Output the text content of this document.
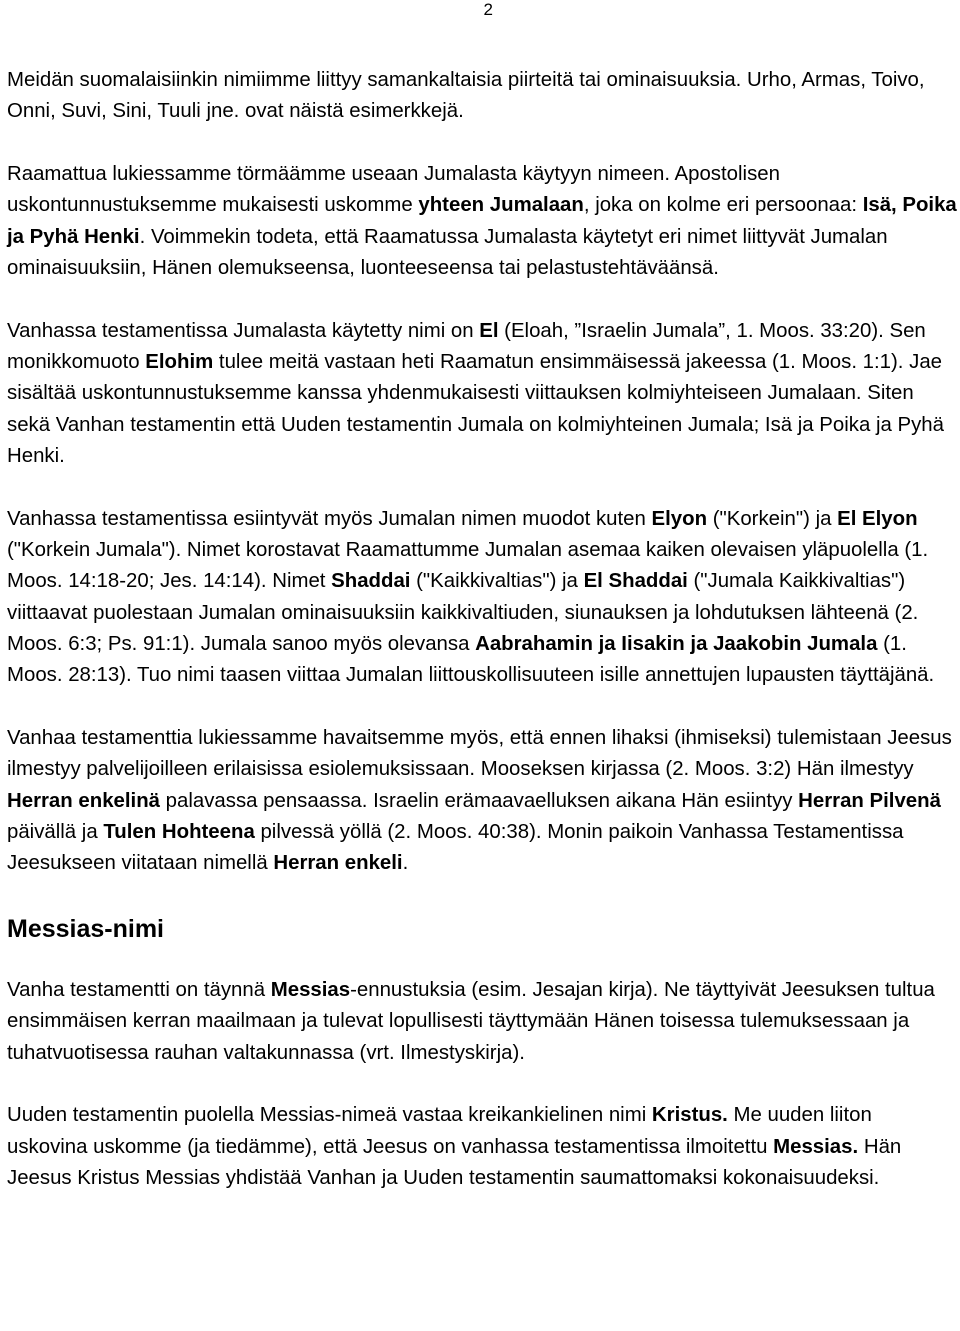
2

Meidän suomalaisiinkin nimiimme liittyy samankaltaisia piirteitä tai ominaisuuksia. Urho, Armas, Toivo, Onni, Suvi, Sini, Tuuli jne. ovat näistä esimerkkejä.

Raamattua lukiessamme törmäämme useaan Jumalasta käytyyn nimeen. Apostolisen uskontunnustuksemme mukaisesti uskomme yhteen Jumalaan, joka on kolme eri persoonaa: Isä, Poika ja Pyhä Henki. Voimmekin todeta, että Raamatussa Jumalasta käytetyt eri nimet liittyvät Jumalan ominaisuuksiin, Hänen olemukseensa, luonteeseensa tai pelastustehtäväänsä.

Vanhassa testamentissa Jumalasta käytetty nimi on El (Eloah, ”Israelin Jumala”, 1. Moos. 33:20). Sen monikkomuoto Elohim tulee meitä vastaan heti Raamatun ensimmäisessä jakeessa (1. Moos. 1:1). Jae sisältää uskontunnustuksemme kanssa yhdenmukaisesti viittauksen kolmiyhteiseen Jumalaan. Siten sekä Vanhan testamentin että Uuden testamentin Jumala on kolmiyhteinen Jumala; Isä ja Poika ja Pyhä Henki.

Vanhassa testamentissa esiintyvät myös Jumalan nimen muodot kuten Elyon ("Korkein") ja El Elyon ("Korkein Jumala"). Nimet korostavat Raamattumme Jumalan asemaa kaiken olevaisen yläpuolella (1. Moos. 14:18-20; Jes. 14:14). Nimet Shaddai ("Kaikkivaltias") ja El Shaddai ("Jumala Kaikkivaltias") viittaavat puolestaan Jumalan ominaisuuksiin kaikkivaltiuden, siunauksen ja lohdutuksen lähteenä (2. Moos. 6:3; Ps. 91:1). Jumala sanoo myös olevansa Aabrahamin ja Iisakin ja Jaakobin Jumala (1. Moos. 28:13). Tuo nimi taasen viittaa Jumalan liittouskollisuuteen isille annettujen lupausten täyttäjänä.

Vanhaa testamenttia lukiessamme havaitsemme myös, että ennen lihaksi (ihmiseksi) tulemistaan Jeesus ilmestyy palvelijoilleen erilaisissa esiolemuksissaan. Mooseksen kirjassa (2. Moos. 3:2) Hän ilmestyy Herran enkelinä palavassa pensaassa. Israelin erämaavaelluksen aikana Hän esiintyy Herran Pilvenä päivällä ja Tulen Hohteena pilvessä yöllä (2. Moos. 40:38). Monin paikoin Vanhassa Testamentissa Jeesukseen viitataan nimellä Herran enkeli.

Messias-nimi

Vanha testamentti on täynnä Messias-ennustuksia (esim. Jesajan kirja). Ne täyttyivät Jeesuksen tultua ensimmäisen kerran maailmaan ja tulevat lopullisesti täyttymään Hänen toisessa tulemuksessaan ja tuhatvuotisessa rauhan valtakunnassa (vrt. Ilmestyskirja).

Uuden testamentin puolella Messias-nimeä vastaa kreikankielinen nimi Kristus. Me uuden liiton uskovina uskomme (ja tiedämme), että Jeesus on vanhassa testamentissa ilmoitettu Messias. Hän Jeesus Kristus Messias yhdistää Vanhan ja Uuden testamentin saumattomaksi kokonaisuudeksi.
